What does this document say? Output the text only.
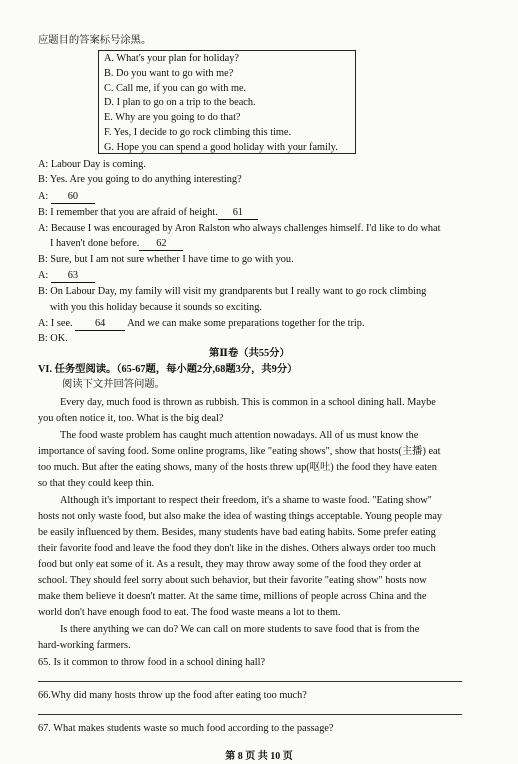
应题目的答案标号涂黑。
A. What's your plan for holiday?
B. Do you want to go with me?
C. Call me, if you can go with me.
D. I plan to go on a trip to the beach.
E. Why are you going to do that?
F. Yes, I decide to go rock climbing this time.
G. Hope you can spend a good holiday with your family.
A: Labour Day is coming.
B: Yes. Are you going to do anything interesting?
A: 60
B: I remember that you are afraid of height. 61
A: Because I was encouraged by Aron Ralston who always challenges himself. I'd like to do what
I haven't done before. 62
B: Sure, but I am not sure whether I have time to go with you.
A: 63
B: On Labour Day, my family will visit my grandparents but I really want to go rock climbing
with you this holiday because it sounds so exciting.
A: I see. 64 And we can make some preparations together for the trip.
B: OK.
第Ⅱ卷（共55分）
VI. 任务型阅读。（65-67题，每小题2分,68题3分，共9分）
阅读下文并回答问题。
Every day, much food is thrown as rubbish. This is common in a school dining hall. Maybe
you often notice it, too. What is the big deal?
The food waste problem has caught much attention nowadays. All of us must know the
importance of saving food. Some online programs, like "eating shows", show that hosts(主播) eat
too much. But after the eating shows, many of the hosts threw up(呕吐) the food they have eaten
so that they could keep thin.
Although it's important to respect their freedom, it's a shame to waste food. "Eating show"
hosts not only waste food, but also make the idea of wasting things acceptable. Young people may
be easily influenced by them. Besides, many students have bad eating habits. Some prefer eating
their favorite food and leave the food they don't like in the dishes. Others always order too much
food but only eat some of it. As a result, they may throw away some of the food they order at
school. They should feel sorry about such behavior, but their favorite "eating show" hosts now
make them believe it doesn't matter. At the same time, millions of people across China and the
world don't have enough food to eat. The food waste means a lot to them.
Is there anything we can do? We can call on more students to save food that is from the
hard-working farmers.
65. Is it common to throw food in a school dining hall?
66.Why did many hosts throw up the food after eating too much?
67. What makes students waste so much food according to the passage?
第 8 页 共 10 页
